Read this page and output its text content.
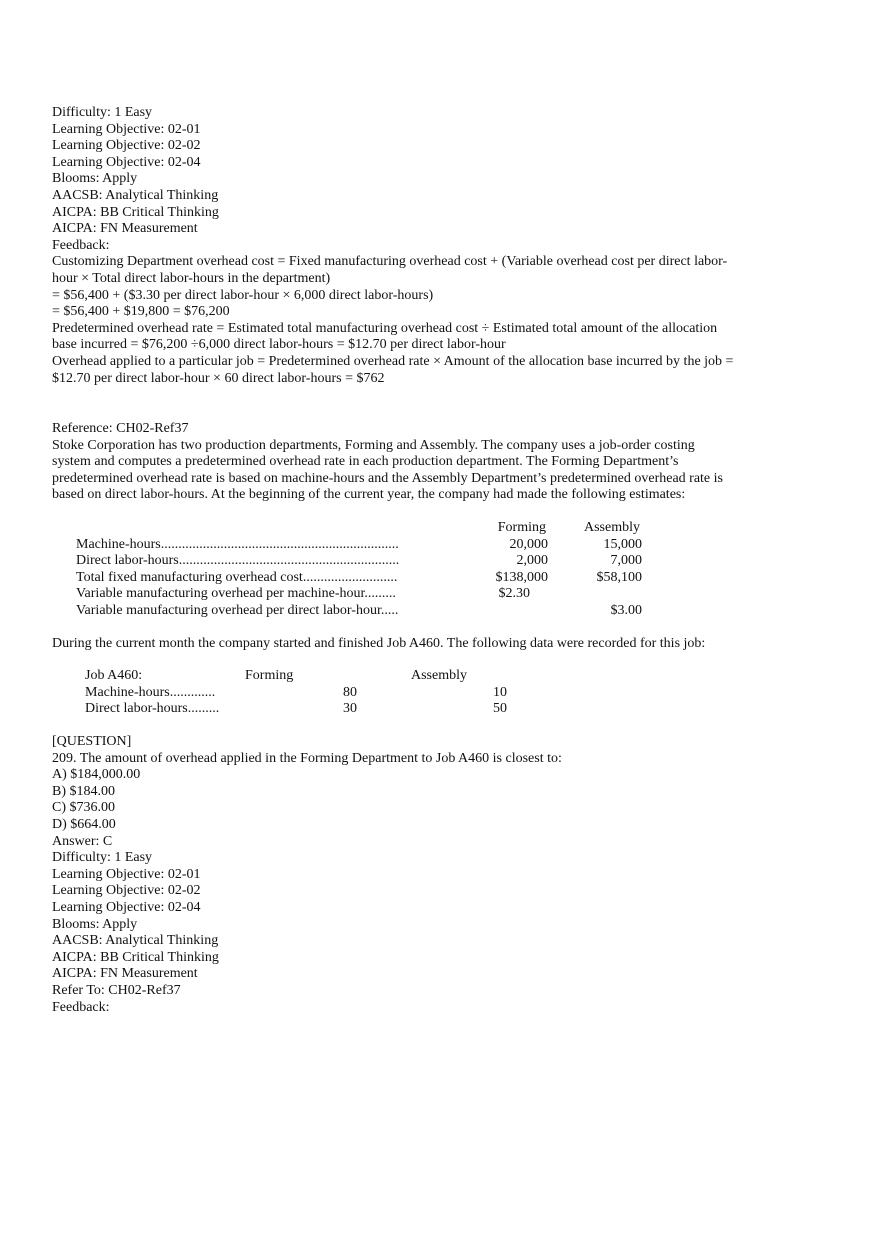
Difficulty: 1 Easy
Learning Objective: 02-01
Learning Objective: 02-02
Learning Objective: 02-04
Blooms: Apply
AACSB: Analytical Thinking
AICPA: BB Critical Thinking
AICPA: FN Measurement
Feedback:
Customizing Department overhead cost = Fixed manufacturing overhead cost + (Variable overhead cost per direct labor-
hour × Total direct labor-hours in the department)
= $56,400 + ($3.30 per direct labor-hour × 6,000 direct labor-hours)
= $56,400 + $19,800 = $76,200
Predetermined overhead rate = Estimated total manufacturing overhead cost ÷ Estimated total amount of the allocation
base incurred = $76,200 ÷6,000 direct labor-hours = $12.70 per direct labor-hour
Overhead applied to a particular job = Predetermined overhead rate × Amount of the allocation base incurred by the job =
$12.70 per direct labor-hour × 60 direct labor-hours = $762
Reference: CH02-Ref37
Stoke Corporation has two production departments, Forming and Assembly. The company uses a job-order costing
system and computes a predetermined overhead rate in each production department. The Forming Department’s
predetermined overhead rate is based on machine-hours and the Assembly Department’s predetermined overhead rate is
based on direct labor-hours. At the beginning of the current year, the company had made the following estimates:
	Forming	Assembly
Machine-hours....................................................................	20,000	15,000
Direct labor-hours...............................................................	2,000	7,000
Total fixed manufacturing overhead cost...........................	$138,000	$58,100
Variable manufacturing overhead per machine-hour.........	$2.30	
Variable manufacturing overhead per direct labor-hour.....		$3.00
During the current month the company started and finished Job A460. The following data were recorded for this job:
Job A460:	Forming	Assembly
Machine-hours.............	80	10
Direct labor-hours.........	30	50
[QUESTION]
209. The amount of overhead applied in the Forming Department to Job A460 is closest to:
A) $184,000.00
B) $184.00
C) $736.00
D) $664.00
Answer: C
Difficulty: 1 Easy
Learning Objective: 02-01
Learning Objective: 02-02
Learning Objective: 02-04
Blooms: Apply
AACSB: Analytical Thinking
AICPA: BB Critical Thinking
AICPA: FN Measurement
Refer To: CH02-Ref37
Feedback:
